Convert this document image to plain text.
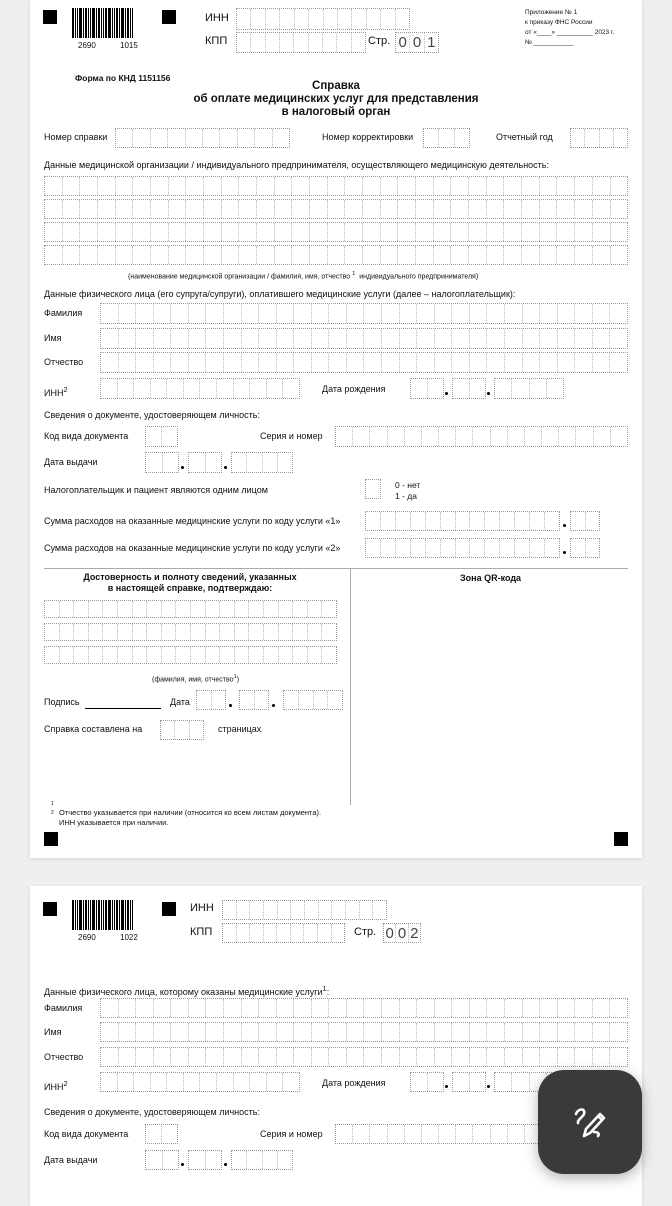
2690	1015
ИНН
КПП	Стр. 0 0 1
Приложение № 1
к приказу ФНС России
от «____» __________ 2023 г.
№ ___________
Форма по КНД 1151156
Справка
об оплате медицинских услуг для представления
в налоговый орган
Номер справки	Номер корректировки	Отчетный год
Данные медицинской организации / индивидуального предпринимателя, осуществляющего медицинскую деятельность:
(наименование медицинской организации / фамилия, имя, отчество $^1$ индивидуального предпринимателя)
Данные физического лица (его супруга/супруги), оплатившего медицинские услуги (далее – налогоплательщик):
Фамилия
Имя
Отчество
ИНН$^2$	Дата рождения
Сведения о документе, удостоверяющем личность:
Код вида документа	Серия и номер
Дата выдачи
Налогоплательщик и пациент являются одним лицом	0 - нет
1 - да
Сумма расходов на оказанные медицинские услуги по коду услуги «1»
Сумма расходов на оказанные медицинские услуги по коду услуги «2»
Достоверность и полноту сведений, указанных
в настоящей справке, подтверждаю:
Зона QR-кода
(фамилия, имя, отчество$^1$)
Подпись	Дата
Справка составлена на	страницах
1
2 Отчество указывается при наличии (относится ко всем листам документа).
ИНН указывается при наличии.
2690	1022
ИНН
КПП	Стр. 0 0 2
Данные физического лица, которому оказаны медицинские услуги$^1$:
Фамилия
Имя
Отчество
ИНН$^2$	Дата рождения
Сведения о документе, удостоверяющем личность:
Код вида документа	Серия и номер
Дата выдачи
